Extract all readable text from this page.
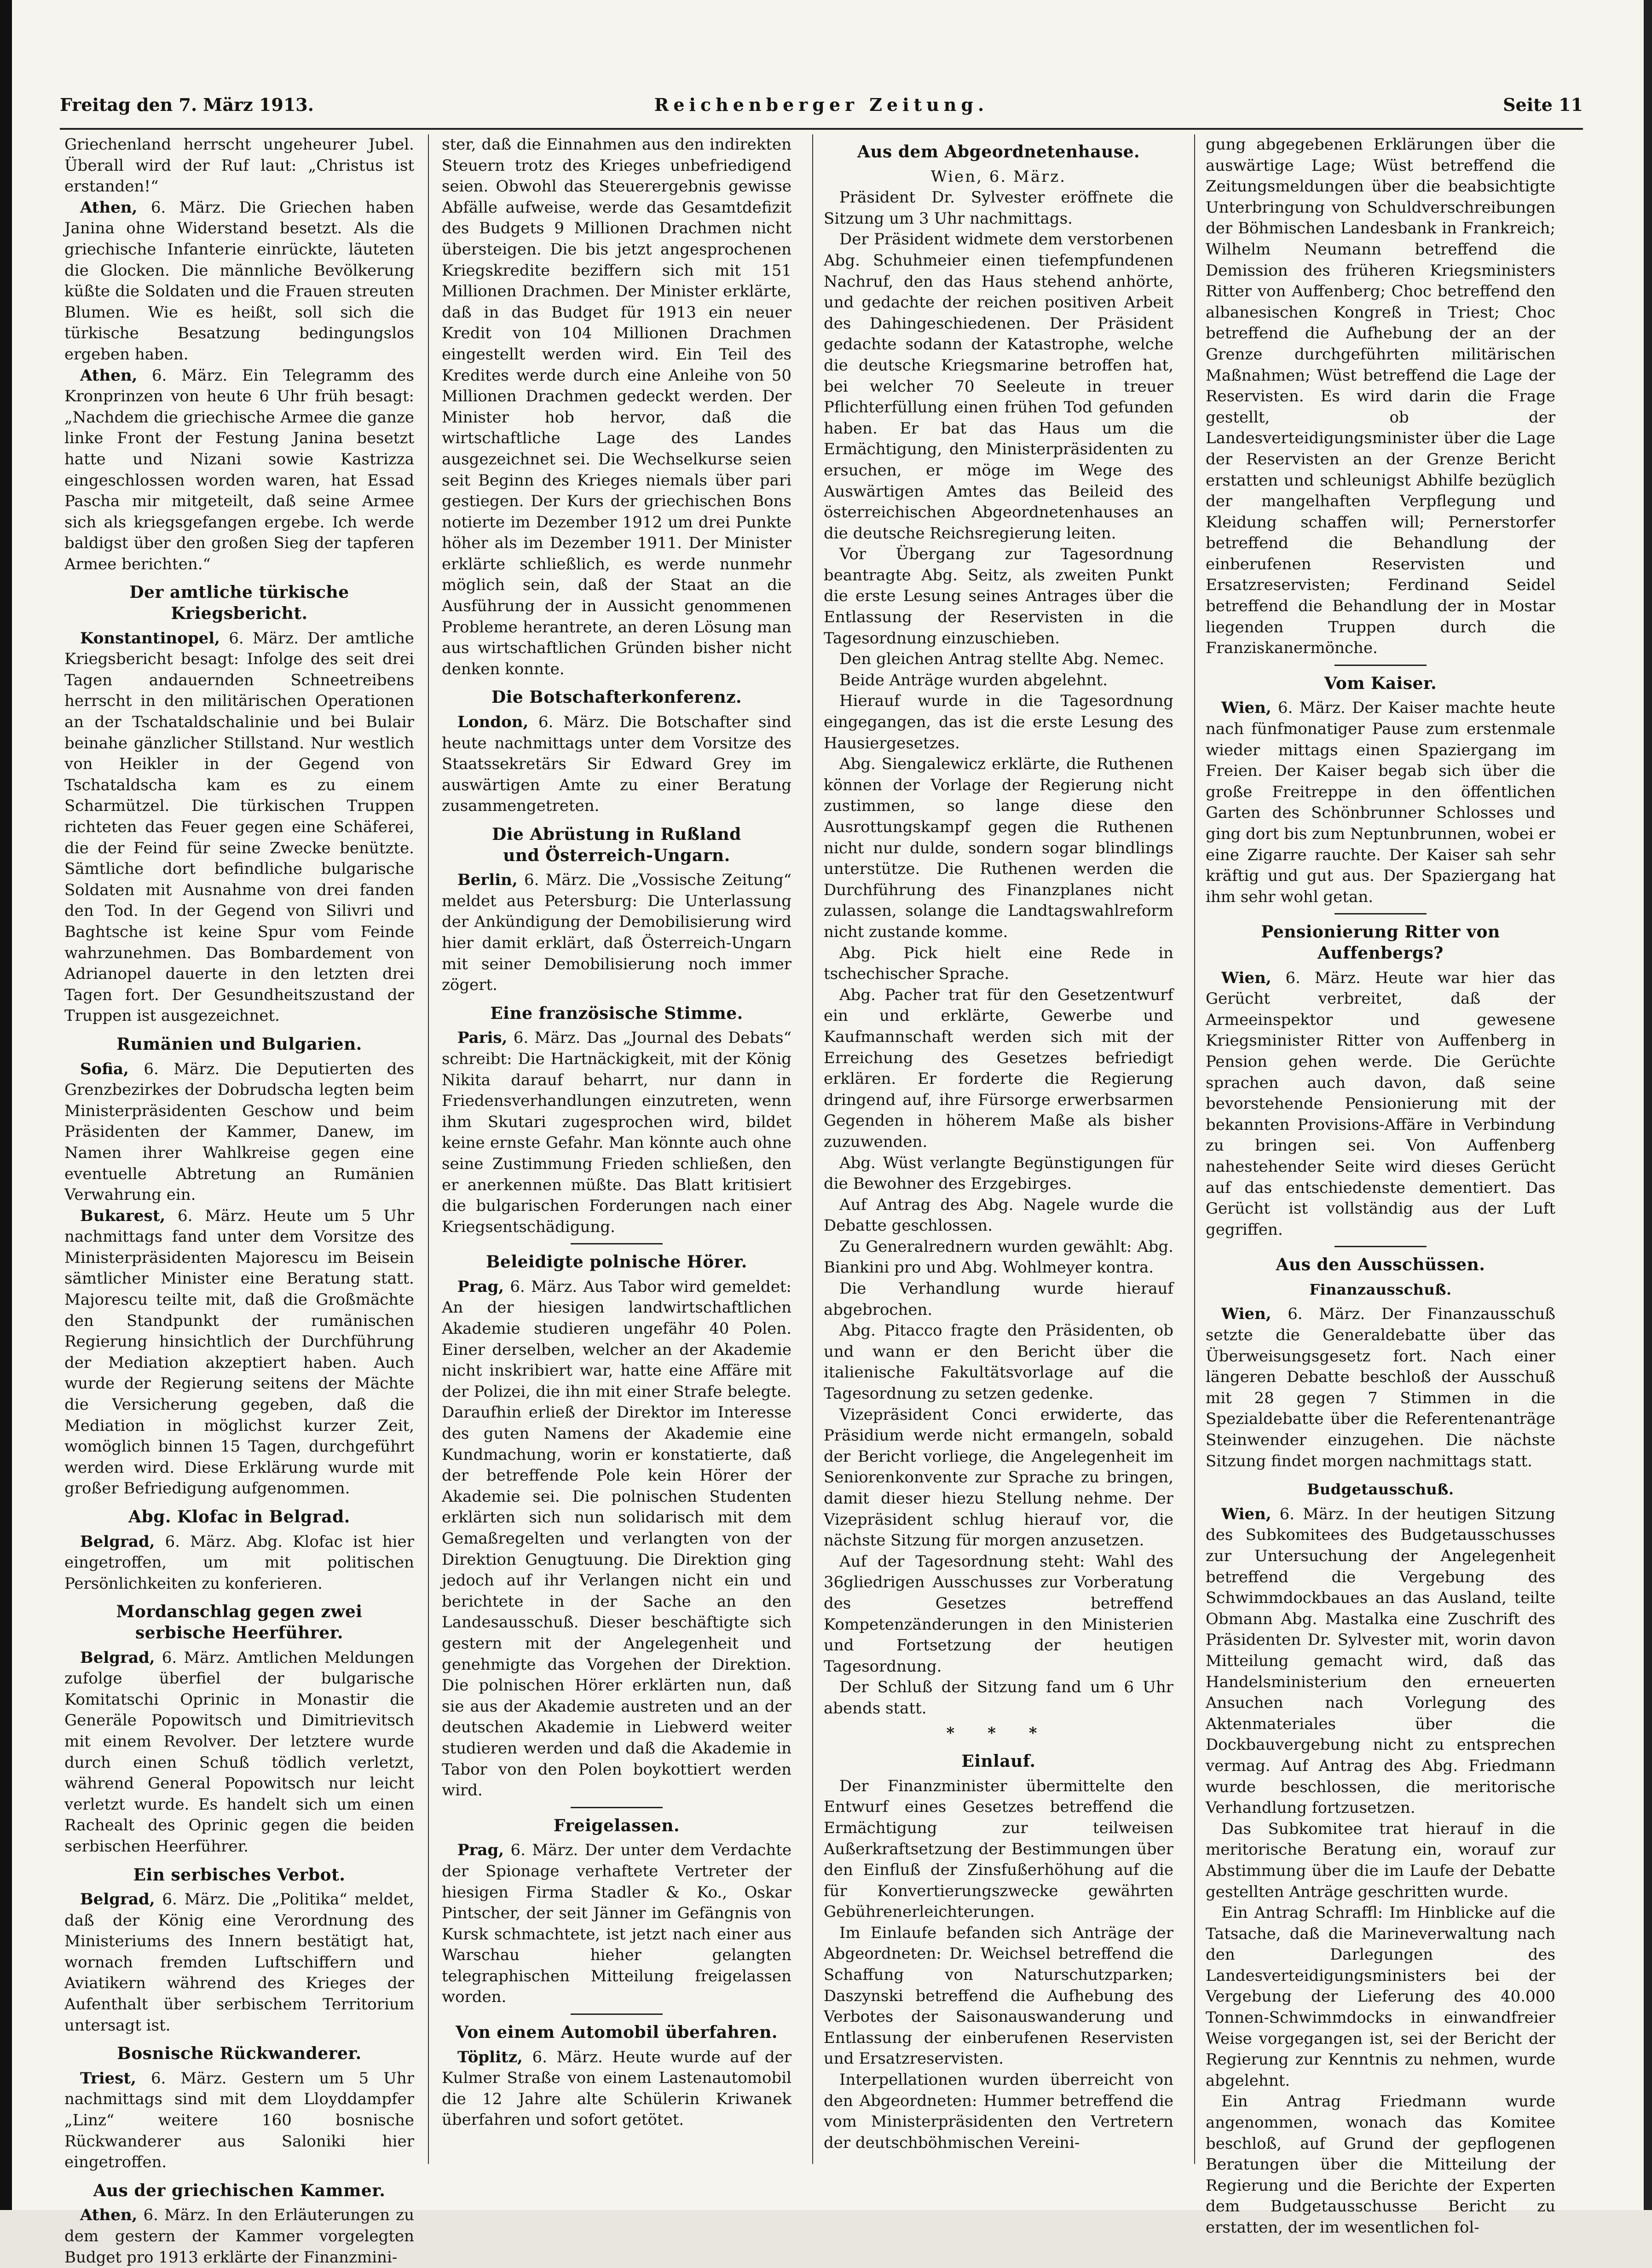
Freitag den 7. März 1913.	Reichenberger Zeitung.	Seite 11

Griechenland herrscht ungeheurer Jubel. Überall wird der Ruf laut: „Christus ist erstanden!“

Athen, 6. März. Die Griechen haben Janina ohne Widerstand besetzt. Als die griechische Infanterie einrückte, läuteten die Glocken. Die männliche Bevölkerung küßte die Soldaten und die Frauen streuten Blumen. Wie es heißt, soll sich die türkische Besatzung bedingungslos ergeben haben.

Athen, 6. März. Ein Telegramm des Kronprinzen von heute 6 Uhr früh besagt: „Nachdem die griechische Armee die ganze linke Front der Festung Janina besetzt hatte und Nizani sowie Kastrizza eingeschlossen worden waren, hat Essad Pascha mir mitgeteilt, daß seine Armee sich als kriegsgefangen ergebe. Ich werde baldigst über den großen Sieg der tapferen Armee berichten.“

Der amtliche türkische Kriegsbericht.

Konstantinopel, 6. März. Der amtliche Kriegsbericht besagt: Infolge des seit drei Tagen andauernden Schneetreibens herrscht in den militärischen Operationen an der Tschataldschalinie und bei Bulair beinahe gänzlicher Stillstand. Nur westlich von Heikler in der Gegend von Tschataldscha kam es zu einem Scharmützel. Die türkischen Truppen richteten das Feuer gegen eine Schäferei, die der Feind für seine Zwecke benützte. Sämtliche dort befindliche bulgarische Soldaten mit Ausnahme von drei fanden den Tod. In der Gegend von Silivri und Baghtsche ist keine Spur vom Feinde wahrzunehmen. Das Bombardement von Adrianopel dauerte in den letzten drei Tagen fort. Der Gesundheitszustand der Truppen ist ausgezeichnet.

Rumänien und Bulgarien.

Sofia, 6. März. Die Deputierten des Grenzbezirkes der Dobrudscha legten beim Ministerpräsidenten Geschow und beim Präsidenten der Kammer, Danew, im Namen ihrer Wahlkreise gegen eine eventuelle Abtretung an Rumänien Verwahrung ein.

Bukarest, 6. März. Heute um 5 Uhr nachmittags fand unter dem Vorsitze des Ministerpräsidenten Majorescu im Beisein sämtlicher Minister eine Beratung statt. Majorescu teilte mit, daß die Großmächte den Standpunkt der rumänischen Regierung hinsichtlich der Durchführung der Mediation akzeptiert haben. Auch wurde der Regierung seitens der Mächte die Versicherung gegeben, daß die Mediation in möglichst kurzer Zeit, womöglich binnen 15 Tagen, durchgeführt werden wird. Diese Erklärung wurde mit großer Befriedigung aufgenommen.

Abg. Klofac in Belgrad.

Belgrad, 6. März. Abg. Klofac ist hier eingetroffen, um mit politischen Persönlichkeiten zu konferieren.

Mordanschlag gegen zwei

serbische Heerführer.

Belgrad, 6. März. Amtlichen Meldungen zufolge überfiel der bulgarische Komitatschi Oprinic in Monastir die Generäle Popowitsch und Dimitrievitsch mit einem Revolver. Der letztere wurde durch einen Schuß tödlich verletzt, während General Popowitsch nur leicht verletzt wurde. Es handelt sich um einen Rachealt des Oprinic gegen die beiden serbischen Heerführer.

Ein serbisches Verbot.

Belgrad, 6. März. Die „Politika“ meldet, daß der König eine Verordnung des Ministeriums des Innern bestätigt hat, wornach fremden Luftschiffern und Aviatikern während des Krieges der Aufenthalt über serbischem Territorium untersagt ist.

Bosnische Rückwanderer.

Triest, 6. März. Gestern um 5 Uhr nachmittags sind mit dem Lloyddampfer „Linz“ weitere 160 bosnische Rückwanderer aus Saloniki hier eingetroffen.

Aus der griechischen Kammer.

Athen, 6. März. In den Erläuterungen zu dem gestern der Kammer vorgelegten Budget pro 1913 erklärte der Finanzmini-

ster, daß die Einnahmen aus den indirekten Steuern trotz des Krieges unbefriedigend seien. Obwohl das Steuerergebnis gewisse Abfälle aufweise, werde das Gesamtdefizit des Budgets 9 Millionen Drachmen nicht übersteigen. Die bis jetzt angesprochenen Kriegskredite beziffern sich mit 151 Millionen Drachmen. Der Minister erklärte, daß in das Budget für 1913 ein neuer Kredit von 104 Millionen Drachmen eingestellt werden wird. Ein Teil des Kredites werde durch eine Anleihe von 50 Millionen Drachmen gedeckt werden. Der Minister hob hervor, daß die wirtschaftliche Lage des Landes ausgezeichnet sei. Die Wechselkurse seien seit Beginn des Krieges niemals über pari gestiegen. Der Kurs der griechischen Bons notierte im Dezember 1912 um drei Punkte höher als im Dezember 1911. Der Minister erklärte schließlich, es werde nunmehr möglich sein, daß der Staat an die Ausführung der in Aussicht genommenen Probleme herantrete, an deren Lösung man aus wirtschaftlichen Gründen bisher nicht denken konnte.

Die Botschafterkonferenz.

London, 6. März. Die Botschafter sind heute nachmittags unter dem Vorsitze des Staatssekretärs Sir Edward Grey im auswärtigen Amte zu einer Beratung zusammengetreten.

Die Abrüstung in Rußland

und Österreich-Ungarn.

Berlin, 6. März. Die „Vossische Zeitung“ meldet aus Petersburg: Die Unterlassung der Ankündigung der Demobilisierung wird hier damit erklärt, daß Österreich-Ungarn mit seiner Demobilisierung noch immer zögert.

Eine französische Stimme.

Paris, 6. März. Das „Journal des Debats“ schreibt: Die Hartnäckigkeit, mit der König Nikita darauf beharrt, nur dann in Friedensverhandlungen einzutreten, wenn ihm Skutari zugesprochen wird, bildet keine ernste Gefahr. Man könnte auch ohne seine Zustimmung Frieden schließen, den er anerkennen müßte. Das Blatt kritisiert die bulgarischen Forderungen nach einer Kriegsentschädigung.

Beleidigte polnische Hörer.

Prag, 6. März. Aus Tabor wird gemeldet: An der hiesigen landwirtschaftlichen Akademie studieren ungefähr 40 Polen. Einer derselben, welcher an der Akademie nicht inskribiert war, hatte eine Affäre mit der Polizei, die ihn mit einer Strafe belegte. Daraufhin erließ der Direktor im Interesse des guten Namens der Akademie eine Kundmachung, worin er konstatierte, daß der betreffende Pole kein Hörer der Akademie sei. Die polnischen Studenten erklärten sich nun solidarisch mit dem Gemaßregelten und verlangten von der Direktion Genugtuung. Die Direktion ging jedoch auf ihr Verlangen nicht ein und berichtete in der Sache an den Landesausschuß. Dieser beschäftigte sich gestern mit der Angelegenheit und genehmigte das Vorgehen der Direktion. Die polnischen Hörer erklärten nun, daß sie aus der Akademie austreten und an der deutschen Akademie in Liebwerd weiter studieren werden und daß die Akademie in Tabor von den Polen boykottiert werden wird.

Freigelassen.

Prag, 6. März. Der unter dem Verdachte der Spionage verhaftete Vertreter der hiesigen Firma Stadler & Ko., Oskar Pintscher, der seit Jänner im Gefängnis von Kursk schmachtete, ist jetzt nach einer aus Warschau hieher gelangten telegraphischen Mitteilung freigelassen worden.

Von einem Automobil überfahren.

Töplitz, 6. März. Heute wurde auf der Kulmer Straße von einem Lastenautomobil die 12 Jahre alte Schülerin Kriwanek überfahren und sofort getötet.

Aus dem Abgeordnetenhause.

Wien, 6. März.

Präsident Dr. Sylvester eröffnete die Sitzung um 3 Uhr nachmittags.

Der Präsident widmete dem verstorbenen Abg. Schuhmeier einen tiefempfundenen Nachruf, den das Haus stehend anhörte, und gedachte der reichen positiven Arbeit des Dahingeschiedenen. Der Präsident gedachte sodann der Katastrophe, welche die deutsche Kriegsmarine betroffen hat, bei welcher 70 Seeleute in treuer Pflichterfüllung einen frühen Tod gefunden haben. Er bat das Haus um die Ermächtigung, den Ministerpräsidenten zu ersuchen, er möge im Wege des Auswärtigen Amtes das Beileid des österreichischen Abgeordnetenhauses an die deutsche Reichsregierung leiten.

Vor Übergang zur Tagesordnung beantragte Abg. Seitz, als zweiten Punkt die erste Lesung seines Antrages über die Entlassung der Reservisten in die Tagesordnung einzuschieben.

Den gleichen Antrag stellte Abg. Nemec.

Beide Anträge wurden abgelehnt.

Hierauf wurde in die Tagesordnung eingegangen, das ist die erste Lesung des Hausiergesetzes.

Abg. Siengalewicz erklärte, die Ruthenen können der Vorlage der Regierung nicht zustimmen, so lange diese den Ausrottungskampf gegen die Ruthenen nicht nur dulde, sondern sogar blindlings unterstütze. Die Ruthenen werden die Durchführung des Finanzplanes nicht zulassen, solange die Landtagswahlreform nicht zustande komme.

Abg. Pick hielt eine Rede in tschechischer Sprache.

Abg. Pacher trat für den Gesetzentwurf ein und erklärte, Gewerbe und Kaufmannschaft werden sich mit der Erreichung des Gesetzes befriedigt erklären. Er forderte die Regierung dringend auf, ihre Fürsorge erwerbsarmen Gegenden in höherem Maße als bisher zuzuwenden.

Abg. Wüst verlangte Begünstigungen für die Bewohner des Erzgebirges.

Auf Antrag des Abg. Nagele wurde die Debatte geschlossen.

Zu Generalrednern wurden gewählt: Abg. Biankini pro und Abg. Wohlmeyer kontra.

Die Verhandlung wurde hierauf abgebrochen.

Abg. Pitacco fragte den Präsidenten, ob und wann er den Bericht über die italienische Fakultätsvorlage auf die Tagesordnung zu setzen gedenke.

Vizepräsident Conci erwiderte, das Präsidium werde nicht ermangeln, sobald der Bericht vorliege, die Angelegenheit im Seniorenkonvente zur Sprache zu bringen, damit dieser hiezu Stellung nehme. Der Vizepräsident schlug hierauf vor, die nächste Sitzung für morgen anzusetzen.

Auf der Tagesordnung steht: Wahl des 36gliedrigen Ausschusses zur Vorberatung des Gesetzes betreffend Kompetenzänderungen in den Ministerien und Fortsetzung der heutigen Tagesordnung.

Der Schluß der Sitzung fand um 6 Uhr abends statt.

* * *

Einlauf.

Der Finanzminister übermittelte den Entwurf eines Gesetzes betreffend die Ermächtigung zur teilweisen Außerkraftsetzung der Bestimmungen über den Einfluß der Zinsfußerhöhung auf die für Konvertierungszwecke gewährten Gebührenerleichterungen.

Im Einlaufe befanden sich Anträge der Abgeordneten: Dr. Weichsel betreffend die Schaffung von Naturschutzparken; Daszynski betreffend die Aufhebung des Verbotes der Saisonauswanderung und Entlassung der einberufenen Reservisten und Ersatzreservisten.

Interpellationen wurden überreicht von den Abgeordneten: Hummer betreffend die vom Ministerpräsidenten den Vertretern der deutschböhmischen Vereini-

gung abgegebenen Erklärungen über die auswärtige Lage; Wüst betreffend die Zeitungsmeldungen über die beabsichtigte Unterbringung von Schuldverschreibungen der Böhmischen Landesbank in Frankreich; Wilhelm Neumann betreffend die Demission des früheren Kriegsministers Ritter von Auffenberg; Choc betreffend den albanesischen Kongreß in Triest; Choc betreffend die Aufhebung der an der Grenze durchgeführten militärischen Maßnahmen; Wüst betreffend die Lage der Reservisten. Es wird darin die Frage gestellt, ob der Landesverteidigungsminister über die Lage der Reservisten an der Grenze Bericht erstatten und schleunigst Abhilfe bezüglich der mangelhaften Verpflegung und Kleidung schaffen will; Pernerstorfer betreffend die Behandlung der einberufenen Reservisten und Ersatzreservisten; Ferdinand Seidel betreffend die Behandlung der in Mostar liegenden Truppen durch die Franziskanermönche.

Vom Kaiser.

Wien, 6. März. Der Kaiser machte heute nach fünfmonatiger Pause zum erstenmale wieder mittags einen Spaziergang im Freien. Der Kaiser begab sich über die große Freitreppe in den öffentlichen Garten des Schönbrunner Schlosses und ging dort bis zum Neptunbrunnen, wobei er eine Zigarre rauchte. Der Kaiser sah sehr kräftig und gut aus. Der Spaziergang hat ihm sehr wohl getan.

Pensionierung Ritter von Auffenbergs?

Wien, 6. März. Heute war hier das Gerücht verbreitet, daß der Armeeinspektor und gewesene Kriegsminister Ritter von Auffenberg in Pension gehen werde. Die Gerüchte sprachen auch davon, daß seine bevorstehende Pensionierung mit der bekannten Provisions-Affäre in Verbindung zu bringen sei. Von Auffenberg nahestehender Seite wird dieses Gerücht auf das entschiedenste dementiert. Das Gerücht ist vollständig aus der Luft gegriffen.

Aus den Ausschüssen.

Finanzausschuß.

Wien, 6. März. Der Finanzausschuß setzte die Generaldebatte über das Überweisungsgesetz fort. Nach einer längeren Debatte beschloß der Ausschuß mit 28 gegen 7 Stimmen in die Spezialdebatte über die Referentenanträge Steinwender einzugehen. Die nächste Sitzung findet morgen nachmittags statt.

Budgetausschuß.

Wien, 6. März. In der heutigen Sitzung des Subkomitees des Budgetausschusses zur Untersuchung der Angelegenheit betreffend die Vergebung des Schwimmdockbaues an das Ausland, teilte Obmann Abg. Mastalka eine Zuschrift des Präsidenten Dr. Sylvester mit, worin davon Mitteilung gemacht wird, daß das Handelsministerium den erneuerten Ansuchen nach Vorlegung des Aktenmateriales über die Dockbauvergebung nicht zu entsprechen vermag. Auf Antrag des Abg. Friedmann wurde beschlossen, die meritorische Verhandlung fortzusetzen.

Das Subkomitee trat hierauf in die meritorische Beratung ein, worauf zur Abstimmung über die im Laufe der Debatte gestellten Anträge geschritten wurde.

Ein Antrag Schraffl: Im Hinblicke auf die Tatsache, daß die Marineverwaltung nach den Darlegungen des Landesverteidigungsministers bei der Vergebung der Lieferung des 40.000 Tonnen-Schwimmdocks in einwandfreier Weise vorgegangen ist, sei der Bericht der Regierung zur Kenntnis zu nehmen, wurde abgelehnt.

Ein Antrag Friedmann wurde angenommen, wonach das Komitee beschloß, auf Grund der gepflogenen Beratungen über die Mitteilung der Regierung und die Berichte der Experten dem Budgetausschusse Bericht zu erstatten, der im wesentlichen fol-
